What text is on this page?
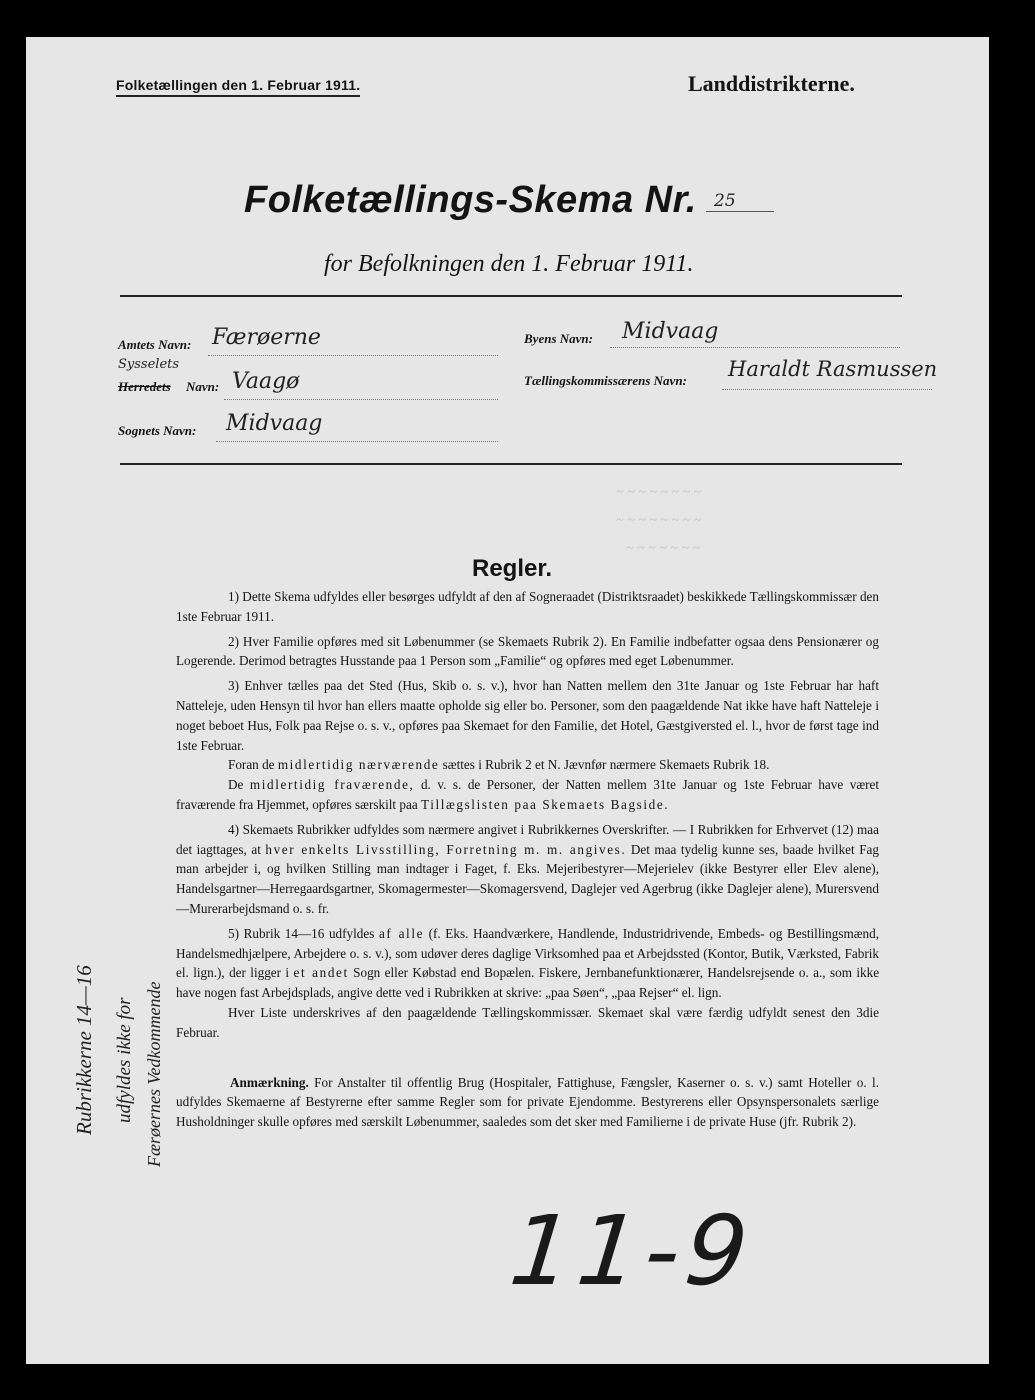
Folketællingen den 1. Februar 1911.	Landdistrikterne.
Folketællings-Skema Nr. 25
for Befolkningen den 1. Februar 1911.
Amtets Navn: Færøerne
Sysselets
Herredets Navn: Vaagø
Sognets Navn: Midvaag
Byens Navn: Midvaag
Tællingskommissærens Navn: Haraldt Rasmussen
~ ~ ~ ~ ~ ~ ~ ~
~ ~ ~ ~ ~ ~ ~ ~
~ ~ ~ ~ ~ ~ ~
Regler.

1) Dette Skema udfyldes eller besørges udfyldt af den af Sogneraadet (Distriktsraadet) beskikkede Tællingskommissær den 1ste Februar 1911.

2) Hver Familie opføres med sit Løbenummer (se Skemaets Rubrik 2). En Familie indbefatter ogsaa dens Pensionærer og Logerende. Derimod betragtes Husstande paa 1 Person som „Familie“ og opføres med eget Løbenummer.

3) Enhver tælles paa det Sted (Hus, Skib o. s. v.), hvor han Natten mellem den 31te Januar og 1ste Februar har haft Natteleje, uden Hensyn til hvor han ellers maatte opholde sig eller bo. Personer, som den paagældende Nat ikke have haft Natteleje i noget beboet Hus, Folk paa Rejse o. s. v., opføres paa Skemaet for den Familie, det Hotel, Gæstgiversted el. l., hvor de først tage ind 1ste Februar.

Foran de midlertidig nærværende sættes i Rubrik 2 et N. Jævnfør nærmere Skemaets Rubrik 18.

De midlertidig fraværende, d. v. s. de Personer, der Natten mellem 31te Januar og 1ste Februar have været fraværende fra Hjemmet, opføres særskilt paa Tillægslisten paa Skemaets Bagside.

4) Skemaets Rubrikker udfyldes som nærmere angivet i Rubrikkernes Overskrifter. — I Rubrikken for Erhvervet (12) maa det iagttages, at hver enkelts Livsstilling, Forretning m. m. angives. Det maa tydelig kunne ses, baade hvilket Fag man arbejder i, og hvilken Stilling man indtager i Faget, f. Eks. Mejeribestyrer—Mejerielev (ikke Bestyrer eller Elev alene), Handelsgartner—Herregaardsgartner, Skomagermester—Skomagersvend, Daglejer ved Agerbrug (ikke Daglejer alene), Murersvend—Murerarbejdsmand o. s. fr.

5) Rubrik 14—16 udfyldes af alle (f. Eks. Haandværkere, Handlende, Industridrivende, Embeds- og Bestillingsmænd, Handelsmedhjælpere, Arbejdere o. s. v.), som udøver deres daglige Virksomhed paa et Arbejdssted (Kontor, Butik, Værksted, Fabrik el. lign.), der ligger i et andet Sogn eller Købstad end Bopælen. Fiskere, Jernbanefunktionærer, Handelsrejsende o. a., som ikke have nogen fast Arbejdsplads, angive dette ved i Rubrikken at skrive: „paa Søen“, „paa Rejser“ el. lign.

Hver Liste underskrives af den paagældende Tællingskommissær. Skemaet skal være færdig udfyldt senest den 3die Februar.

Anmærkning. For Anstalter til offentlig Brug (Hospitaler, Fattighuse, Fængsler, Kaserner o. s. v.) samt Hoteller o. l. udfyldes Skemaerne af Bestyrerne efter samme Regler som for private Ejendomme. Bestyrerens eller Opsynspersonalets særlige Husholdninger skulle opføres med særskilt Løbenummer, saaledes som det sker med Familierne i de private Huse (jfr. Rubrik 2).

Rubrikkerne 14—16 udfyldes ikke for Færøernes Vedkommende
11-9
